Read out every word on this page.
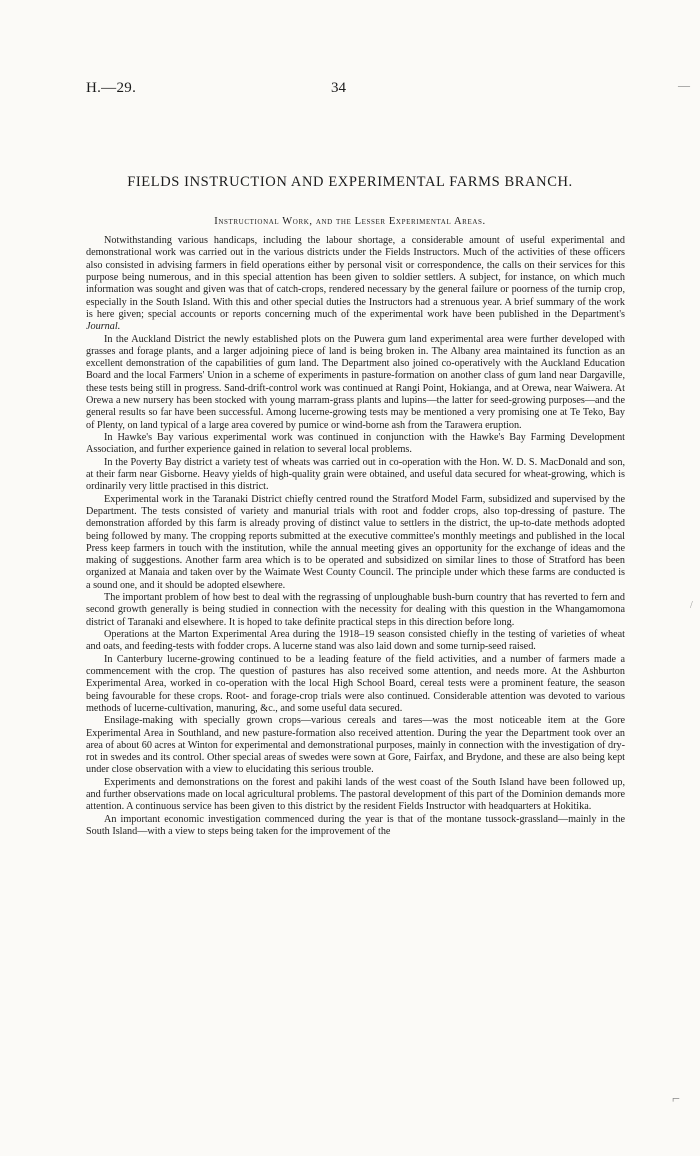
H.—29.	34	—
FIELDS INSTRUCTION AND EXPERIMENTAL FARMS BRANCH.
Instructional Work, and the Lesser Experimental Areas.

Notwithstanding various handicaps, including the labour shortage, a considerable amount of useful experimental and demonstrational work was carried out in the various districts under the Fields Instructors. Much of the activities of these officers also consisted in advising farmers in field operations either by personal visit or correspondence, the calls on their services for this purpose being numerous, and in this special attention has been given to soldier settlers. A subject, for instance, on which much information was sought and given was that of catch-crops, rendered necessary by the general failure or poorness of the turnip crop, especially in the South Island. With this and other special duties the Instructors had a strenuous year. A brief summary of the work is here given; special accounts or reports concerning much of the experimental work have been published in the Department's Journal.

In the Auckland District the newly established plots on the Puwera gum land experimental area were further developed with grasses and forage plants, and a larger adjoining piece of land is being broken in. The Albany area maintained its function as an excellent demonstration of the capabilities of gum land. The Department also joined co-operatively with the Auckland Education Board and the local Farmers' Union in a scheme of experiments in pasture-formation on another class of gum land near Dargaville, these tests being still in progress. Sand-drift-control work was continued at Rangi Point, Hokianga, and at Orewa, near Waiwera. At Orewa a new nursery has been stocked with young marram-grass plants and lupins—the latter for seed-growing purposes—and the general results so far have been successful. Among lucerne-growing tests may be mentioned a very promising one at Te Teko, Bay of Plenty, on land typical of a large area covered by pumice or wind-borne ash from the Tarawera eruption.

In Hawke's Bay various experimental work was continued in conjunction with the Hawke's Bay Farming Development Association, and further experience gained in relation to several local problems.

In the Poverty Bay district a variety test of wheats was carried out in co-operation with the Hon. W. D. S. MacDonald and son, at their farm near Gisborne. Heavy yields of high-quality grain were obtained, and useful data secured for wheat-growing, which is ordinarily very little practised in this district.

Experimental work in the Taranaki District chiefly centred round the Stratford Model Farm, subsidized and supervised by the Department. The tests consisted of variety and manurial trials with root and fodder crops, also top-dressing of pasture. The demonstration afforded by this farm is already proving of distinct value to settlers in the district, the up-to-date methods adopted being followed by many. The cropping reports submitted at the executive committee's monthly meetings and published in the local Press keep farmers in touch with the institution, while the annual meeting gives an opportunity for the exchange of ideas and the making of suggestions. Another farm area which is to be operated and subsidized on similar lines to those of Stratford has been organized at Manaia and taken over by the Waimate West County Council. The principle under which these farms are conducted is a sound one, and it should be adopted elsewhere.

The important problem of how best to deal with the regrassing of unploughable bush-burn country that has reverted to fern and second growth generally is being studied in connection with the necessity for dealing with this question in the Whangamomona district of Taranaki and elsewhere. It is hoped to take definite practical steps in this direction before long.

Operations at the Marton Experimental Area during the 1918–19 season consisted chiefly in the testing of varieties of wheat and oats, and feeding-tests with fodder crops. A lucerne stand was also laid down and some turnip-seed raised.

In Canterbury lucerne-growing continued to be a leading feature of the field activities, and a number of farmers made a commencement with the crop. The question of pastures has also received some attention, and needs more. At the Ashburton Experimental Area, worked in co-operation with the local High School Board, cereal tests were a prominent feature, the season being favourable for these crops. Root- and forage-crop trials were also continued. Considerable attention was devoted to various methods of lucerne-cultivation, manuring, &c., and some useful data secured.

Ensilage-making with specially grown crops—various cereals and tares—was the most noticeable item at the Gore Experimental Area in Southland, and new pasture-formation also received attention. During the year the Department took over an area of about 60 acres at Winton for experimental and demonstrational purposes, mainly in connection with the investigation of dry-rot in swedes and its control. Other special areas of swedes were sown at Gore, Fairfax, and Brydone, and these are also being kept under close observation with a view to elucidating this serious trouble.

Experiments and demonstrations on the forest and pakihi lands of the west coast of the South Island have been followed up, and further observations made on local agricultural problems. The pastoral development of this part of the Dominion demands more attention. A continuous service has been given to this district by the resident Fields Instructor with headquarters at Hokitika.

An important economic investigation commenced during the year is that of the montane tussock-grassland—mainly in the South Island—with a view to steps being taken for the improvement of the

/
⌐
